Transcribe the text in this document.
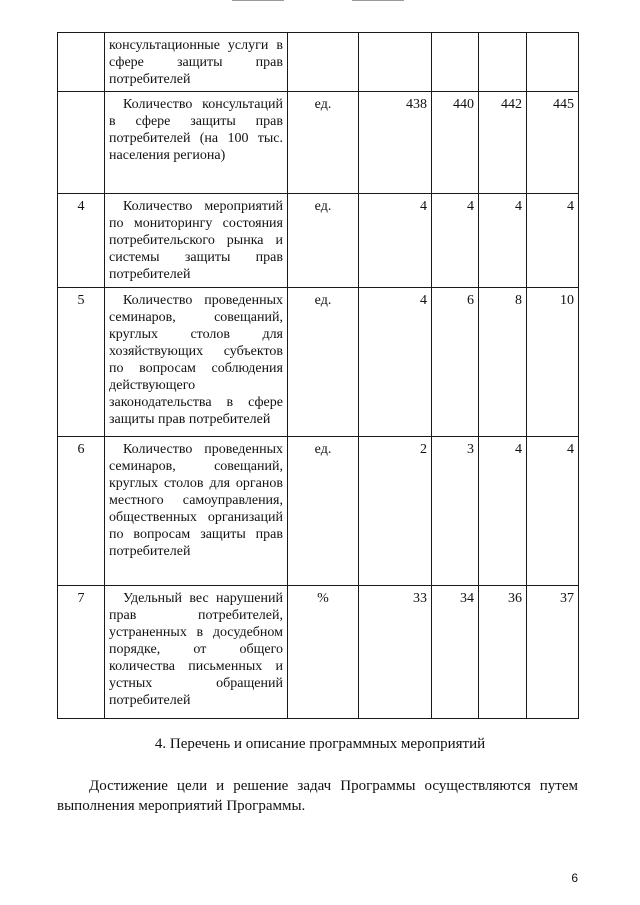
	консультационные услуги в сфере защиты прав потребителей					
	Количество консультаций в сфере защиты прав потребителей (на 100 тыс. населения региона)	ед.	438	440	442	445
4	Количество мероприятий по мониторингу состояния потребительского рынка и системы защиты прав потребителей	ед.	4	4	4	4
5	Количество проведенных семинаров, совещаний, круглых столов для хозяйствующих субъектов по вопросам соблюдения действующего законодательства в сфере защиты прав потребителей	ед.	4	6	8	10
6	Количество проведенных семинаров, совещаний, круглых столов для органов местного самоуправления, общественных организаций по вопросам защиты прав потребителей	ед.	2	3	4	4
7	Удельный вес нарушений прав потребителей, устраненных в досудебном порядке, от общего количества письменных и устных обращений потребителей	%	33	34	36	37
4. Перечень и описание программных мероприятий

Достижение цели и решение задач Программы осуществляются путем выполнения мероприятий Программы.

6
